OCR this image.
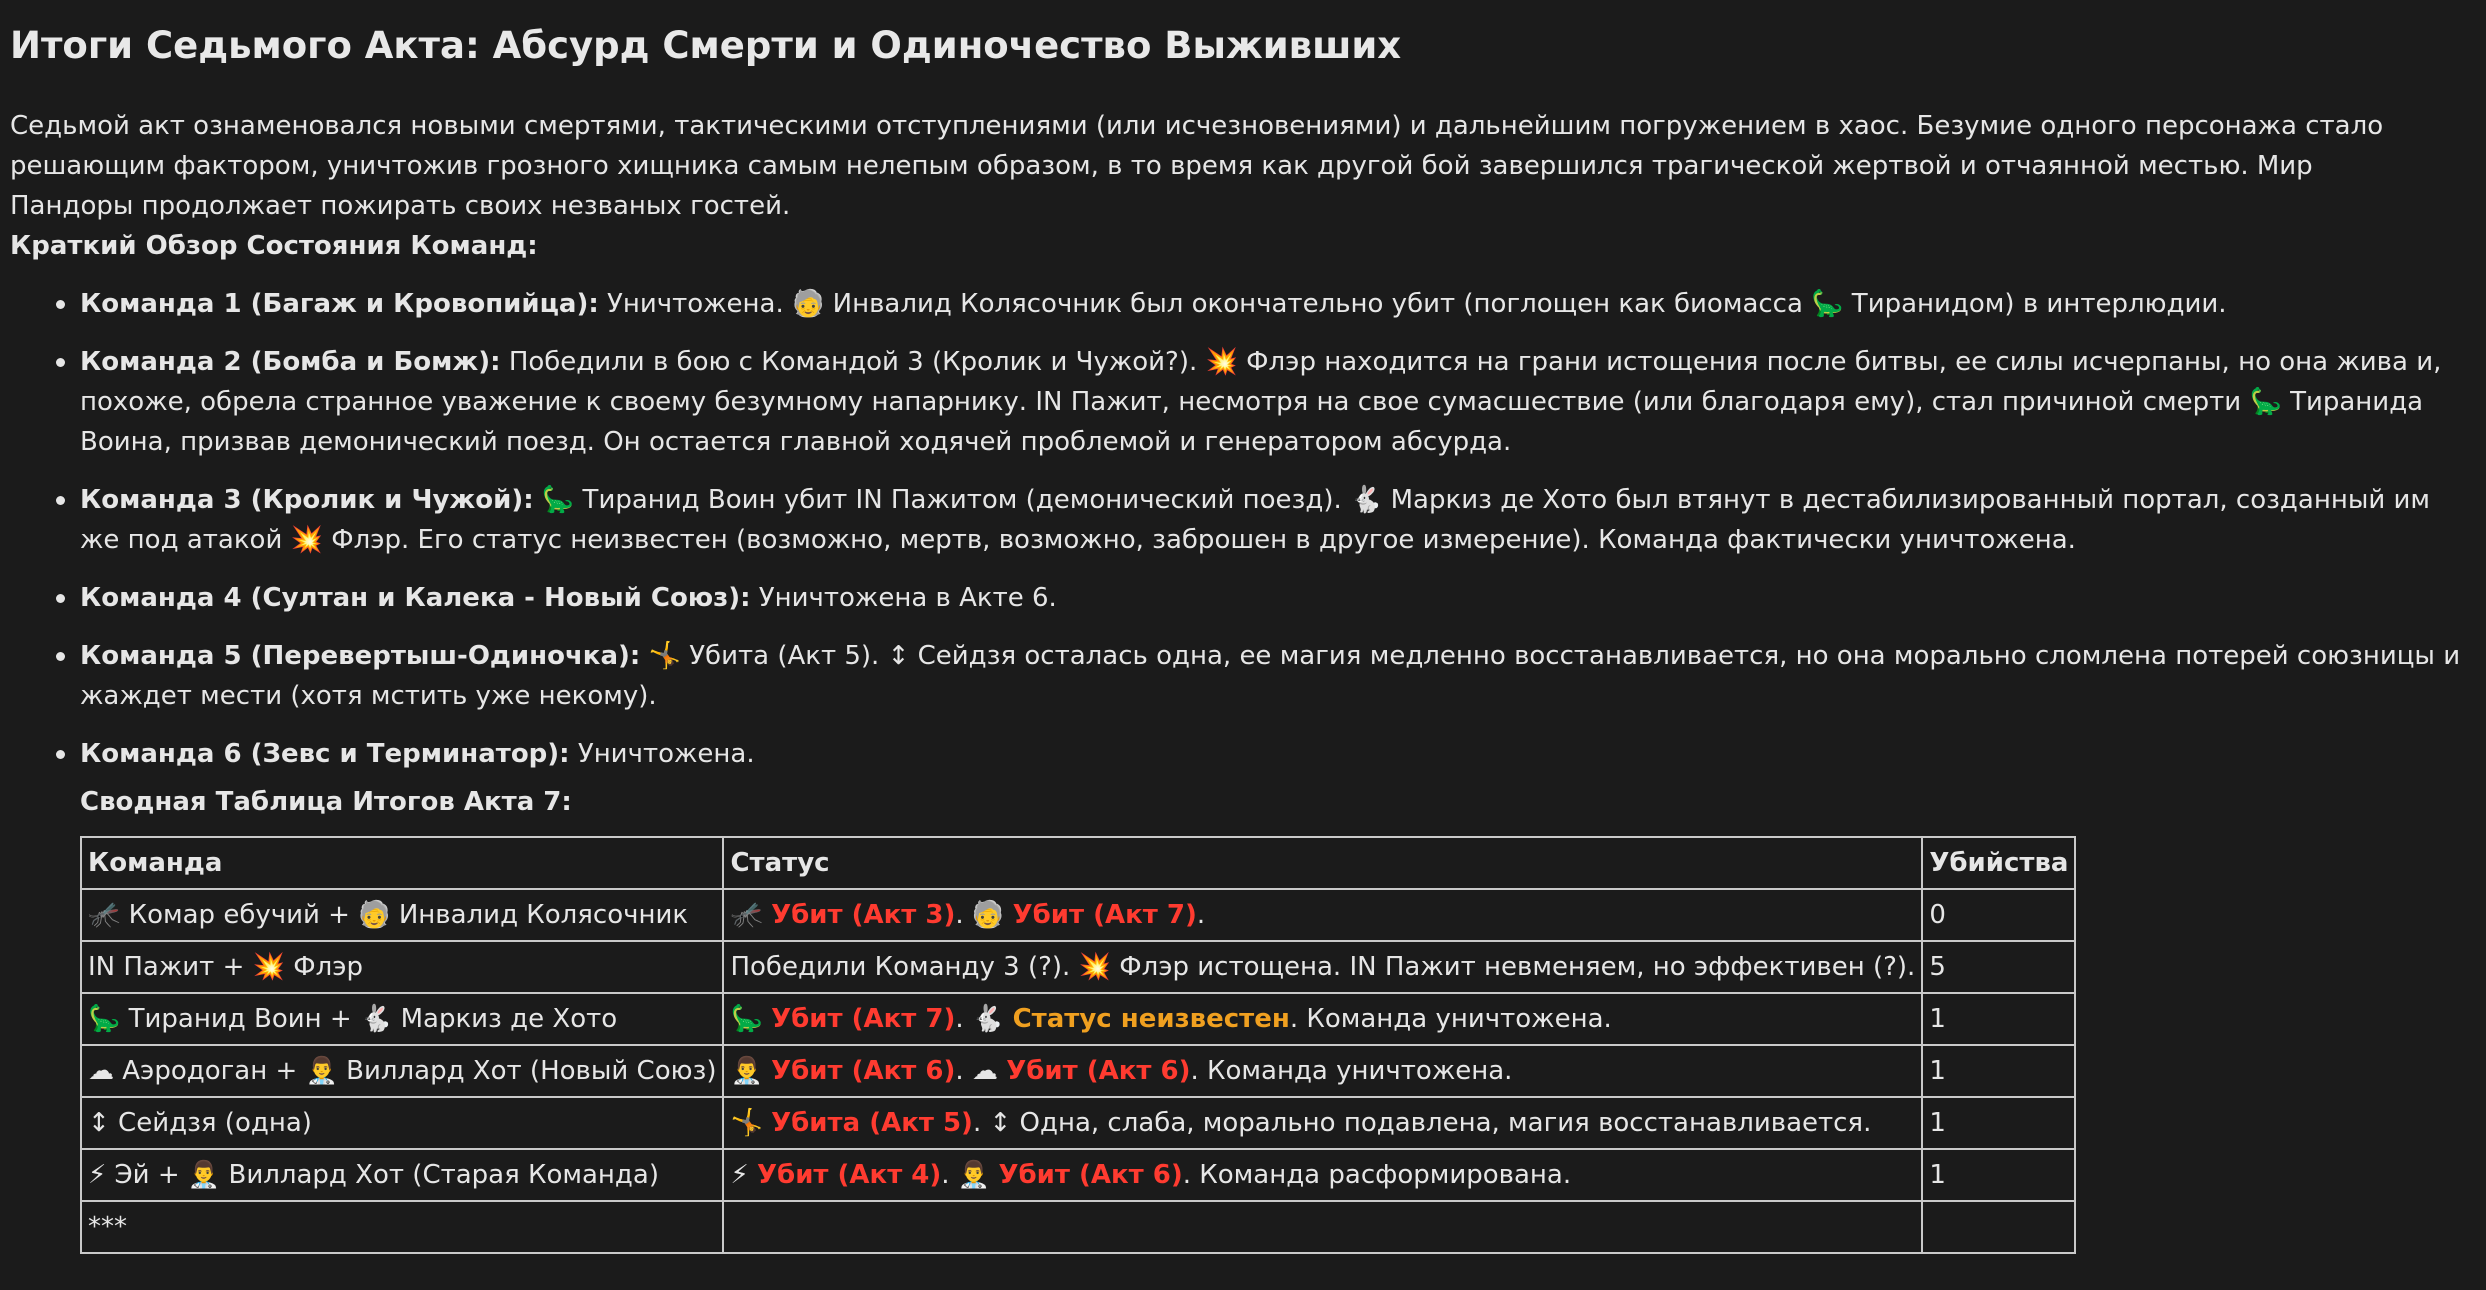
Итоги Седьмого Акта: Абсурд Смерти и Одиночество Выживших

Седьмой акт ознаменовался новыми смертями, тактическими отступлениями (или исчезновениями) и дальнейшим погружением в хаос. Безумие одного персонажа стало решающим фактором, уничтожив грозного хищника самым нелепым образом, в то время как другой бой завершился трагической жертвой и отчаянной местью. Мир Пандоры продолжает пожирать своих незваных гостей.

Краткий Обзор Состояния Команд:

Команда 1 (Багаж и Кровопийца): Уничтожена. 🧓 Инвалид Колясочник был окончательно убит (поглощен как биомасса 🦕 Тиранидом) в интерлюдии.
Команда 2 (Бомба и Бомж): Победили в бою с Командой 3 (Кролик и Чужой?). 💥 Флэр находится на грани истощения после битвы, ее силы исчерпаны, но она жива и, похоже, обрела странное уважение к своему безумному напарнику. IN Пажит, несмотря на свое сумасшествие (или благодаря ему), стал причиной смерти 🦕 Тиранида Воина, призвав демонический поезд. Он остается главной ходячей проблемой и генератором абсурда.
Команда 3 (Кролик и Чужой): 🦕 Тиранид Воин убит IN Пажитом (демонический поезд). 🐇 Маркиз де Хото был втянут в дестабилизированный портал, созданный им же под атакой 💥 Флэр. Его статус неизвестен (возможно, мертв, возможно, заброшен в другое измерение). Команда фактически уничтожена.
Команда 4 (Султан и Калека - Новый Союз): Уничтожена в Акте 6.
Команда 5 (Перевертыш-Одиночка): 🤸 Убита (Акт 5). ↕ Сейдзя осталась одна, ее магия медленно восстанавливается, но она морально сломлена потерей союзницы и жаждет мести (хотя мстить уже некому).
Команда 6 (Зевс и Терминатор): Уничтожена.
Сводная Таблица Итогов Акта 7:
Команда	Статус	Убийства
🦟 Комар ебучий + 🧓 Инвалид Колясочник	🦟 Убит (Акт 3). 🧓 Убит (Акт 7).	0
IN Пажит + 💥 Флэр	Победили Команду 3 (?). 💥 Флэр истощена. IN Пажит невменяем, но эффективен (?).	5
🦕 Тиранид Воин + 🐇 Маркиз де Хото	🦕 Убит (Акт 7). 🐇 Статус неизвестен. Команда уничтожена.	1
☁ Аэродоган + 👨‍⚕️ Виллард Хот (Новый Союз)	👨‍⚕️ Убит (Акт 6). ☁ Убит (Акт 6). Команда уничтожена.	1
↕ Сейдзя (одна)	🤸 Убита (Акт 5). ↕ Одна, слаба, морально подавлена, магия восстанавливается.	1
⚡ Эй + 👨‍⚕️ Виллард Хот (Старая Команда)	⚡ Убит (Акт 4). 👨‍⚕️ Убит (Акт 6). Команда расформирована.	1
***		
